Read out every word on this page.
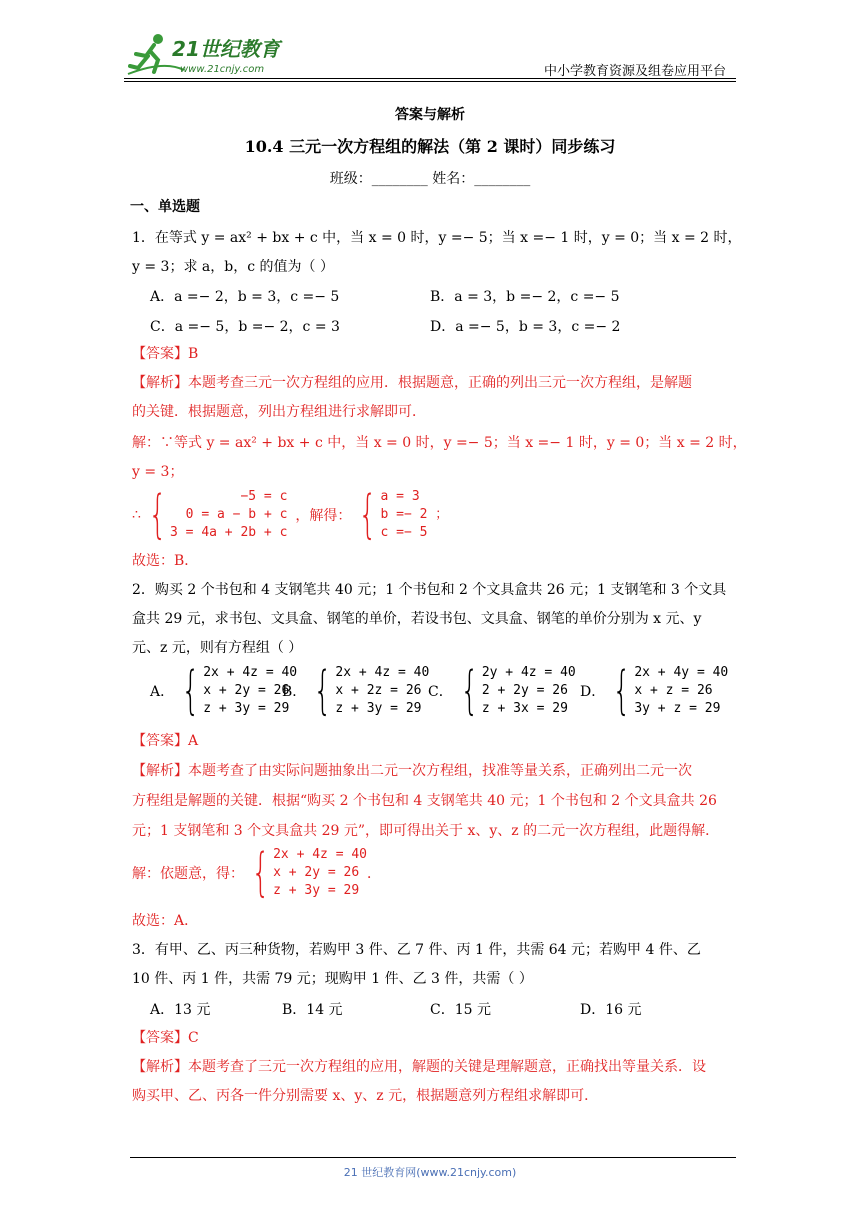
21世纪教育
www.21cnjy.com	中小学教育资源及组卷应用平台
答案与解析
10.4 三元一次方程组的解法（第 2 课时）同步练习
班级：________ 姓名：________
一、单选题
1．在等式 y = ax² + bx + c 中，当 x = 0 时，y =− 5；当 x =− 1 时，y = 0；当 x = 2 时，
y = 3；求 a，b，c 的值为（ ）
A．a =− 2，b = 3，c =− 5	B．a = 3，b =− 2，c =− 5
C．a =− 5，b =− 2，c = 3	D．a =− 5，b = 3，c =− 2
【答案】B
【解析】本题考查三元一次方程组的应用．根据题意，正确的列出三元一次方程组，是解题
的关键．根据题意，列出方程组进行求解即可．
解：∵等式 y = ax² + bx + c 中，当 x = 0 时，y =− 5；当 x =− 1 时，y = 0；当 x = 2 时，
y = 3；
∴ {	−5 = c
0 = a − b + c
3 = 4a + 2b + c
，解得： { a = 3
b =− 2 ；
c =− 5
故选：B．
2．购买 2 个书包和 4 支钢笔共 40 元；1 个书包和 2 个文具盒共 26 元；1 支钢笔和 3 个文具
盒共 29 元，求书包、文具盒、钢笔的单价，若设书包、文具盒、钢笔的单价分别为 x 元、y
元、z 元，则有方程组（ ）
A． { 2x + 4z = 40
x + 2y = 26
z + 3y = 29
B． { 2x + 4z = 40
x + 2z = 26
z + 3y = 29
C． { 2y + 4z = 40
2 + 2y = 26
z + 3x = 29
D． { 2x + 4y = 40
x + z = 26
3y + z = 29
【答案】A
【解析】本题考查了由实际问题抽象出二元一次方程组，找准等量关系，正确列出二元一次
方程组是解题的关键．根据“购买 2 个书包和 4 支钢笔共 40 元；1 个书包和 2 个文具盒共 26
元；1 支钢笔和 3 个文具盒共 29 元”，即可得出关于 x、y、z 的二元一次方程组，此题得解．
解：依题意，得： { 2x + 4z = 40
x + 2y = 26
z + 3y = 29
．
故选：A．
3．有甲、乙、丙三种货物，若购甲 3 件、乙 7 件、丙 1 件，共需 64 元；若购甲 4 件、乙
10 件、丙 1 件，共需 79 元；现购甲 1 件、乙 3 件，共需（ ）
A．13 元	B．14 元	C．15 元	D．16 元
【答案】C
【解析】本题考查了三元一次方程组的应用，解题的关键是理解题意，正确找出等量关系．设
购买甲、乙、丙各一件分别需要 x、y、z 元，根据题意列方程组求解即可．
21 世纪教育网(www.21cnjy.com)
